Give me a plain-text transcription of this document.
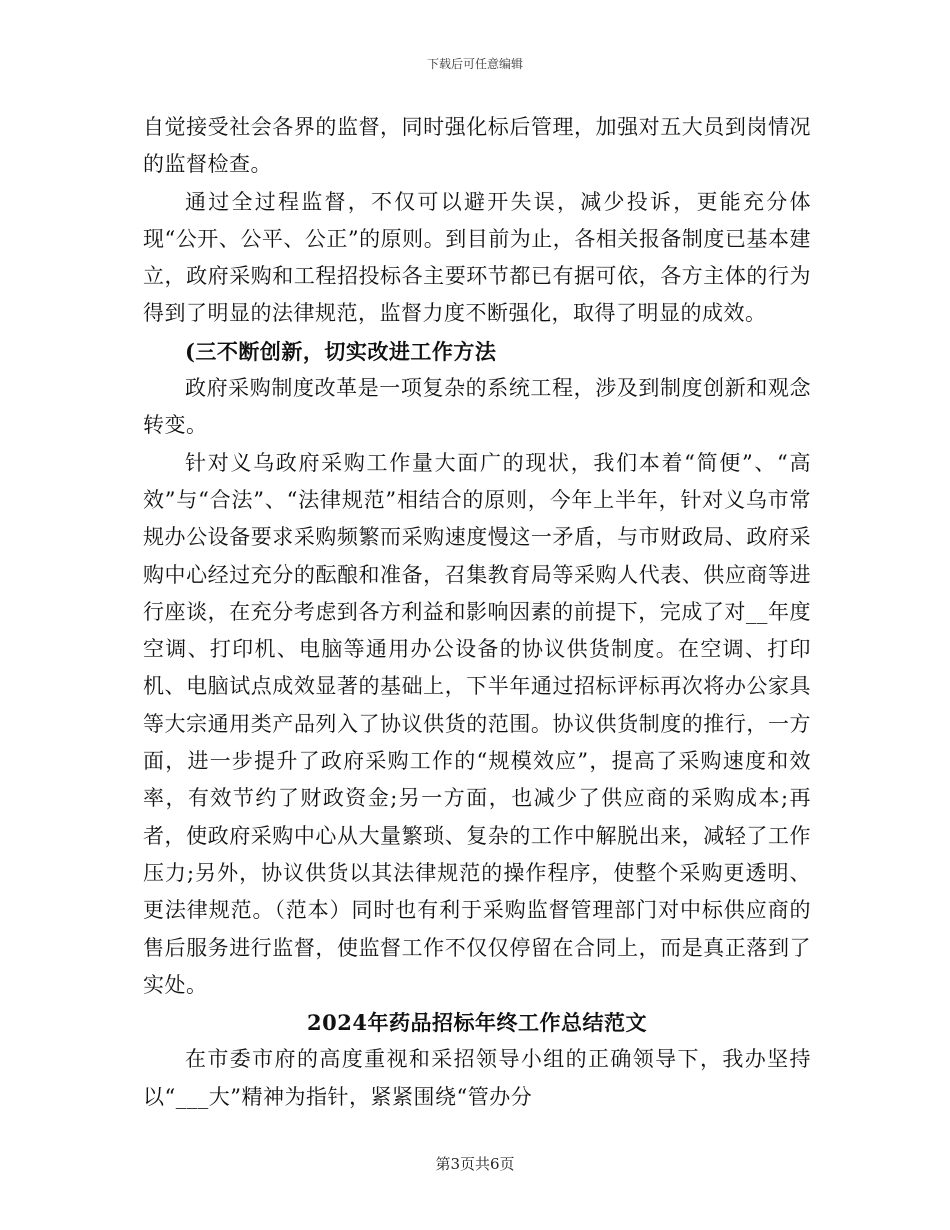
下载后可任意编辑

自觉接受社会各界的监督，同时强化标后管理，加强对五大员到岗情况的监督检查。

通过全过程监督，不仅可以避开失误，减少投诉，更能充分体现“公开、公平、公正”的原则。到目前为止，各相关报备制度已基本建立，政府采购和工程招投标各主要环节都已有据可依，各方主体的行为得到了明显的法律规范，监督力度不断强化，取得了明显的成效。

(三不断创新，切实改进工作方法

政府采购制度改革是一项复杂的系统工程，涉及到制度创新和观念转变。

针对义乌政府采购工作量大面广的现状，我们本着“简便”、“高效”与“合法”、“法律规范”相结合的原则，今年上半年，针对义乌市常规办公设备要求采购频繁而采购速度慢这一矛盾，与市财政局、政府采购中心经过充分的酝酿和准备，召集教育局等采购人代表、供应商等进行座谈，在充分考虑到各方利益和影响因素的前提下，完成了对__年度空调、打印机、电脑等通用办公设备的协议供货制度。在空调、打印机、电脑试点成效显著的基础上，下半年通过招标评标再次将办公家具等大宗通用类产品列入了协议供货的范围。协议供货制度的推行，一方面，进一步提升了政府采购工作的“规模效应”，提高了采购速度和效率，有效节约了财政资金;另一方面，也减少了供应商的采购成本;再者，使政府采购中心从大量繁琐、复杂的工作中解脱出来，减轻了工作压力;另外，协议供货以其法律规范的操作程序，使整个采购更透明、更法律规范。（范本）同时也有利于采购监督管理部门对中标供应商的售后服务进行监督，使监督工作不仅仅停留在合同上，而是真正落到了实处。

2024年药品招标年终工作总结范文

在市委市府的高度重视和采招领导小组的正确领导下，我办坚持以“___大”精神为指针，紧紧围绕“管办分

第3页共6页
